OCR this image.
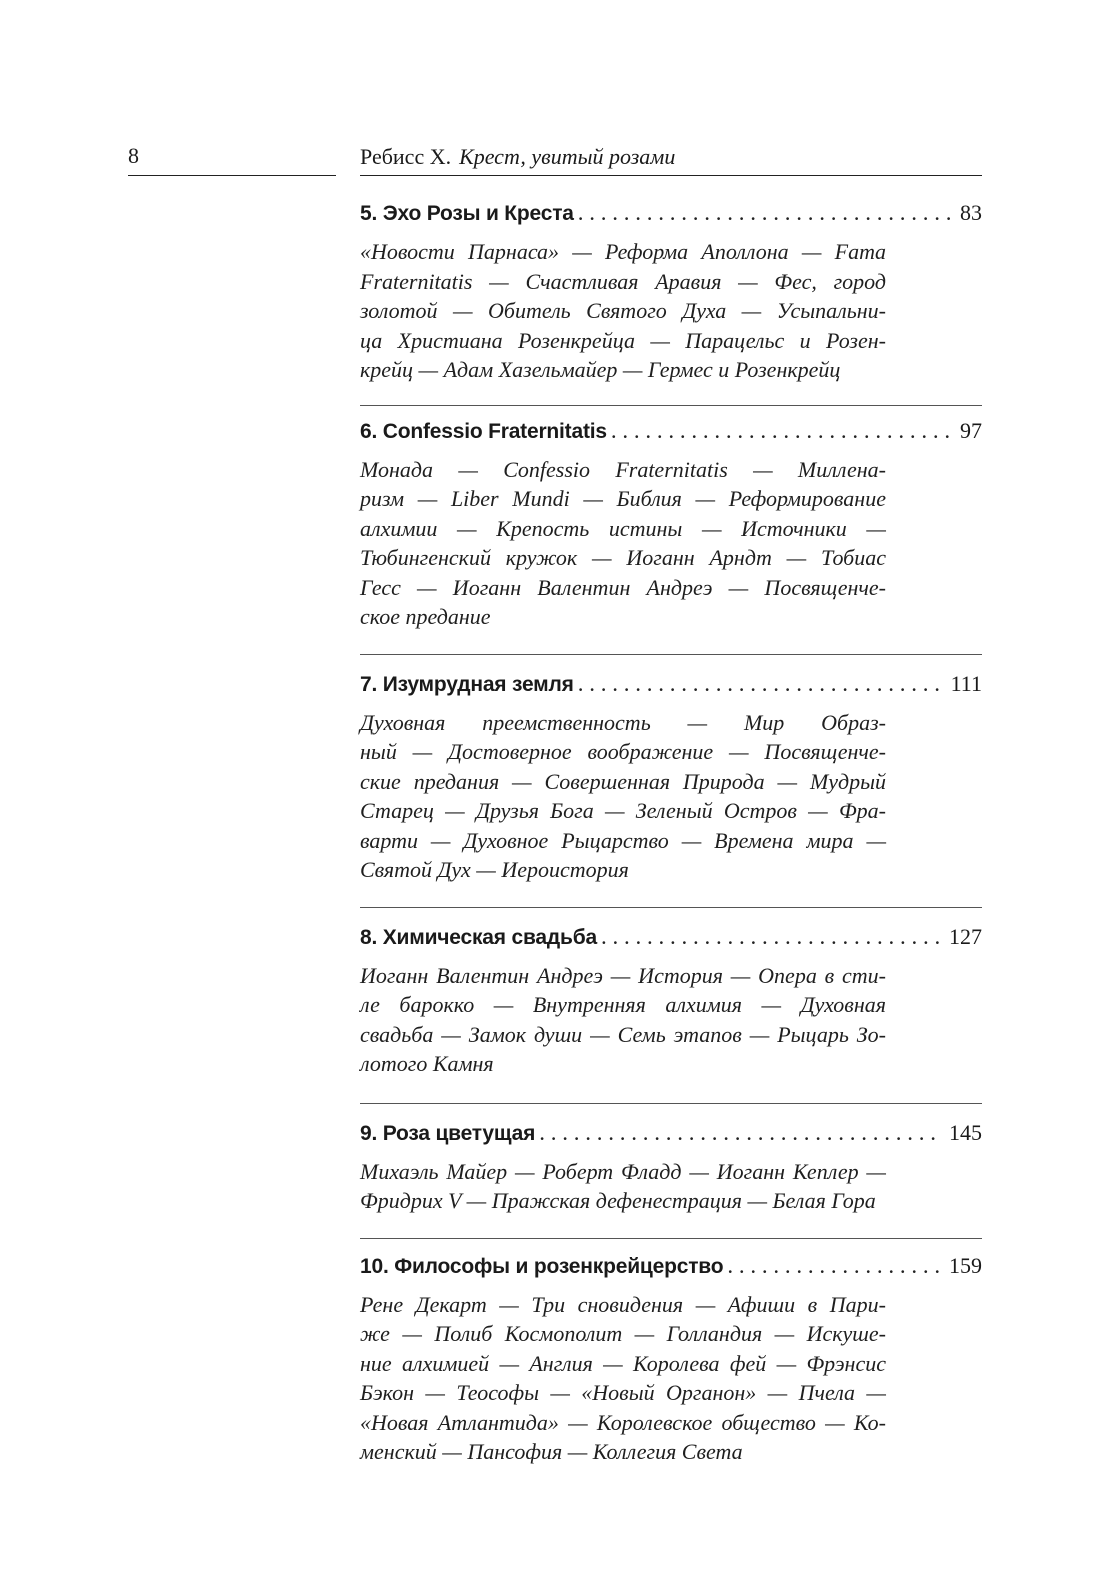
8	Ребисс Х. Крест, увитый розами
5. Эхо Розы и Креста . . .	83
«Новости Парнаса» — Реформа Аполлона — Fama
Fraternitatis — Счастливая Аравия — Фес, город
золотой — Обитель Святого Духа — Усыпальни-
ца Христиана Розенкрейца — Парацельс и Розен-
крейц — Адам Хазельмайер — Гермес и Розенкрейц
6. Confessio Fraternitatis . . .	97
Монада — Confessio Fraternitatis — Миллена-
ризм — Liber Mundi — Библия — Реформирование
алхимии — Крепость истины — Источники —
Тюбингенский кружок — Иоганн Арндт — Тобиас
Гесс — Иоганн Валентин Андреэ — Посвященче-
ское предание
7. Изумрудная земля . . .	111
Духовная преемственность — Мир Образ-
ный — Достоверное воображение — Посвященче-
ские предания — Совершенная Природа — Мудрый
Старец — Друзья Бога — Зеленый Остров — Фра-
варти — Духовное Рыцарство — Времена мира —
Святой Дух — Иероистория
8. Химическая свадьба . . .	127
Иоганн Валентин Андреэ — История — Опера в сти-
ле барокко — Внутренняя алхимия — Духовная
свадьба — Замок души — Семь этапов — Рыцарь Зо-
лотого Камня
9. Роза цветущая . . .	145
Михаэль Майер — Роберт Фладд — Иоганн Кеплер —
Фридрих V — Пражская дефенестрация — Белая Гора
10. Философы и розенкрейцерство . . .	159
Рене Декарт — Три сновидения — Афиши в Пари-
же — Полиб Космополит — Голландия — Искуше-
ние алхимией — Англия — Королева фей — Фрэнсис
Бэкон — Теософы — «Новый Органон» — Пчела —
«Новая Атлантида» — Королевское общество — Ко-
менский — Пансофия — Коллегия Света
